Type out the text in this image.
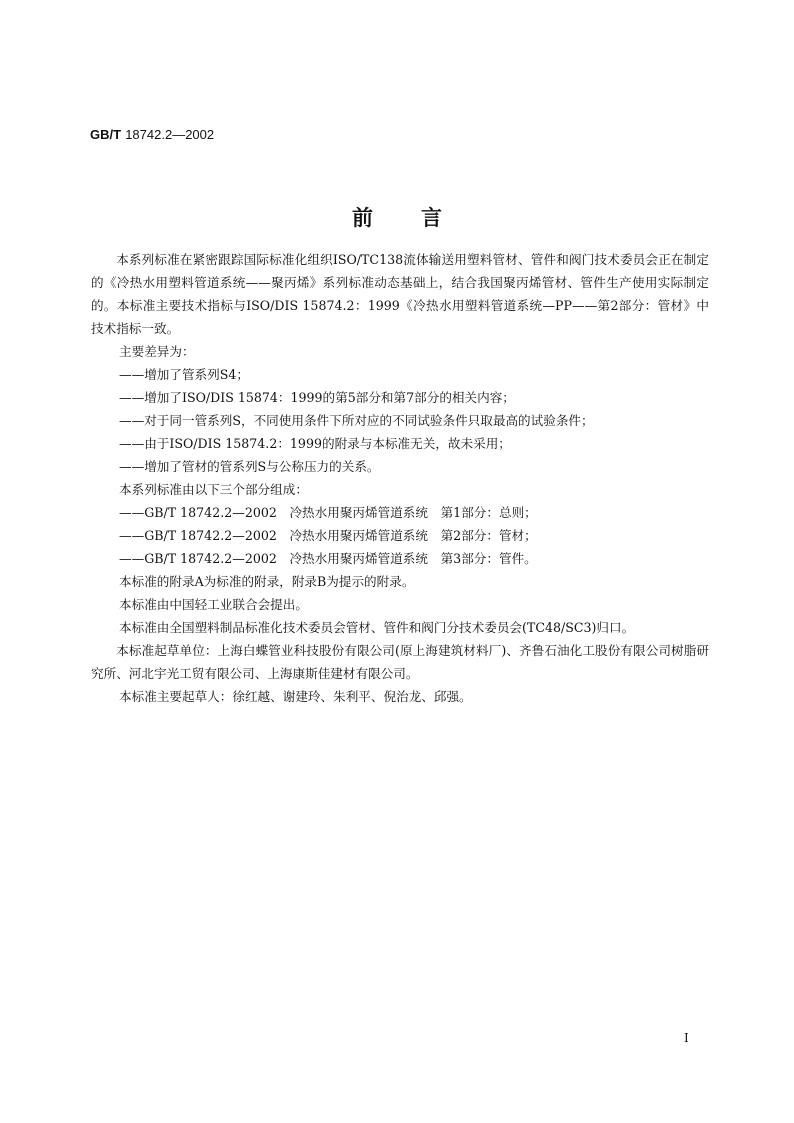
GB/T 18742.2—2002
前言

本系列标准在紧密跟踪国际标准化组织ISO/TC138流体输送用塑料管材、管件和阀门技术委员会正在制定的《冷热水用塑料管道系统——聚丙烯》系列标准动态基础上，结合我国聚丙烯管材、管件生产使用实际制定的。本标准主要技术指标与ISO/DIS 15874.2：1999《冷热水用塑料管道系统—PP——第2部分：管材》中技术指标一致。

主要差异为：

——增加了管系列S4；

——增加了ISO/DIS 15874：1999的第5部分和第7部分的相关内容；

——对于同一管系列S，不同使用条件下所对应的不同试验条件只取最高的试验条件；

——由于ISO/DIS 15874.2：1999的附录与本标准无关，故未采用；

——增加了管材的管系列S与公称压力的关系。

本系列标准由以下三个部分组成：

——GB/T 18742.2—2002　冷热水用聚丙烯管道系统　第1部分：总则；

——GB/T 18742.2—2002　冷热水用聚丙烯管道系统　第2部分：管材；

——GB/T 18742.2—2002　冷热水用聚丙烯管道系统　第3部分：管件。

本标准的附录A为标准的附录，附录B为提示的附录。

本标准由中国轻工业联合会提出。

本标准由全国塑料制品标准化技术委员会管材、管件和阀门分技术委员会(TC48/SC3)归口。

本标准起草单位：上海白蝶管业科技股份有限公司(原上海建筑材料厂)、齐鲁石油化工股份有限公司树脂研究所、河北宇光工贸有限公司、上海康斯佳建材有限公司。

本标准主要起草人：徐红越、谢建玲、朱利平、倪治龙、邱强。

I
